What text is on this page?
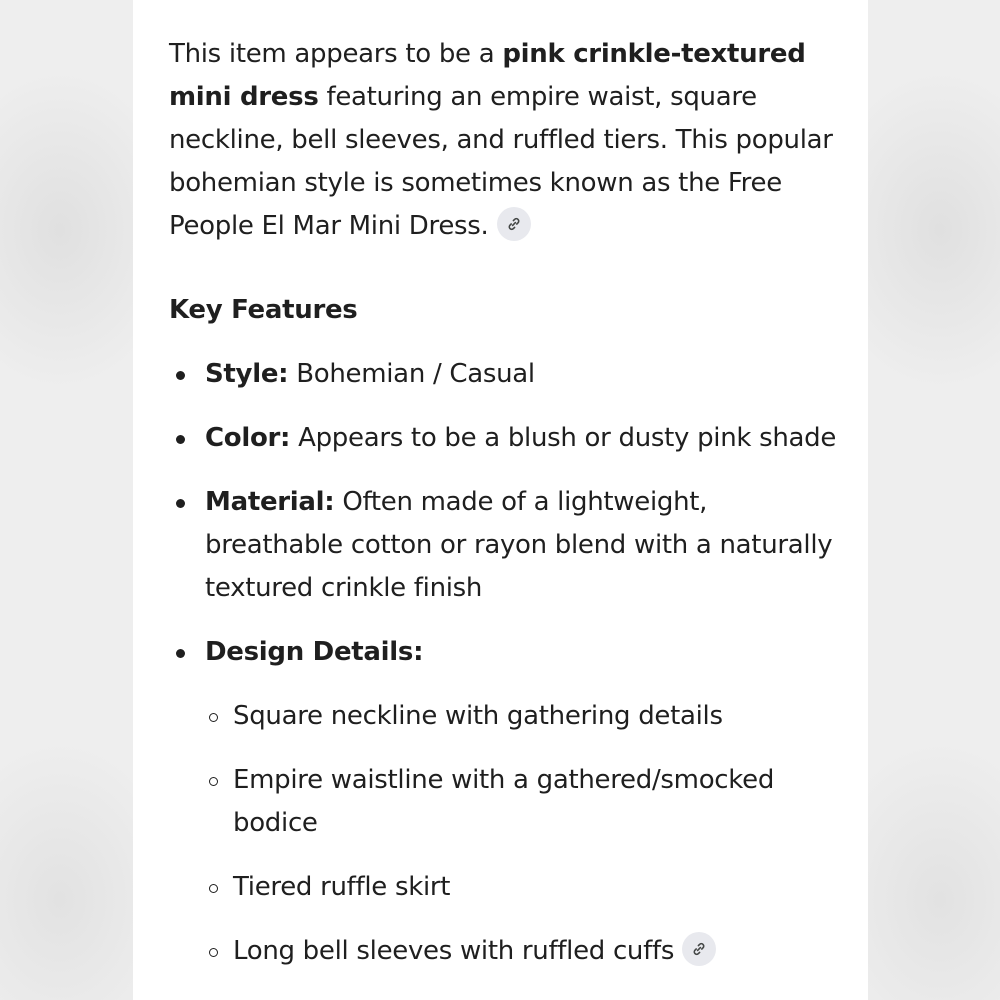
This item appears to be a pink crinkle-textured mini dress featuring an empire waist, square neckline, bell sleeves, and ruffled tiers. This popular bohemian style is sometimes known as the Free People El Mar Mini Dress.

Key Features

Style: Bohemian / Casual
Color: Appears to be a blush or dusty pink shade
Material: Often made of a lightweight, breathable cotton or rayon blend with a naturally textured crinkle finish
Design Details:
Square neckline with gathering details
Empire waistline with a gathered/smocked bodice
Tiered ruffle skirt
Long bell sleeves with ruffled cuffs
